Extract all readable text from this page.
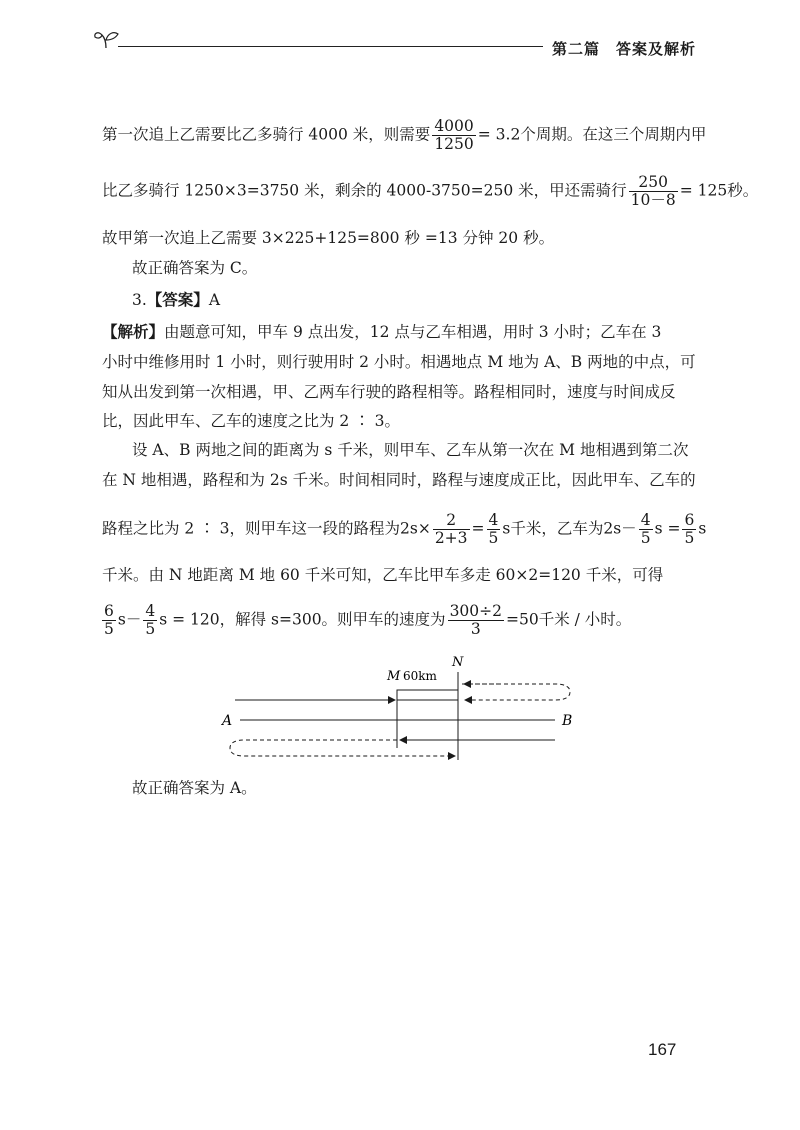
第二篇　答案及解析
第一次追上乙需要比乙多骑行 4000 米，则需要 $\frac{4000}{1250} = 3.2$个周期。在这三个周期内甲
比乙多骑行 1250×3=3750 米，剩余的 4000-3750=250 米，甲还需骑行 $\frac{250}{10-8} = 125$秒。
故甲第一次追上乙需要 3×225+125=800 秒 =13 分钟 20 秒。
故正确答案为 C。
3.【答案】A
【解析】由题意可知，甲车 9 点出发，12 点与乙车相遇，用时 3 小时；乙车在 3
小时中维修用时 1 小时，则行驶用时 2 小时。相遇地点 M 地为 A、B 两地的中点，可
知从出发到第一次相遇，甲、乙两车行驶的路程相等。路程相同时，速度与时间成反
比，因此甲车、乙车的速度之比为 2 ∶ 3。
设 A、B 两地之间的距离为 s 千米，则甲车、乙车从第一次在 M 地相遇到第二次
在 N 地相遇，路程和为 2s 千米。时间相同时，路程与速度成正比，因此甲车、乙车的
路程之比为 2 ∶ 3，则甲车这一段的路程为$2s\times \frac{2}{2+3} = \frac{4}{5}$ s千米，乙车为$2s- \frac{4}{5}$ $s = \frac{6}{5}$ s
千米。由 N 地距离 M 地 60 千米可知，乙车比甲车多走 60×2=120 千米，可得
$\frac{6}{5} s- \frac{4}{5}$ s = 120，解得 s=300。则甲车的速度为 $\frac{300\div 2}{3} =50$千米 / 小时。
N
M 60km
A	B
故正确答案为 A。
167
